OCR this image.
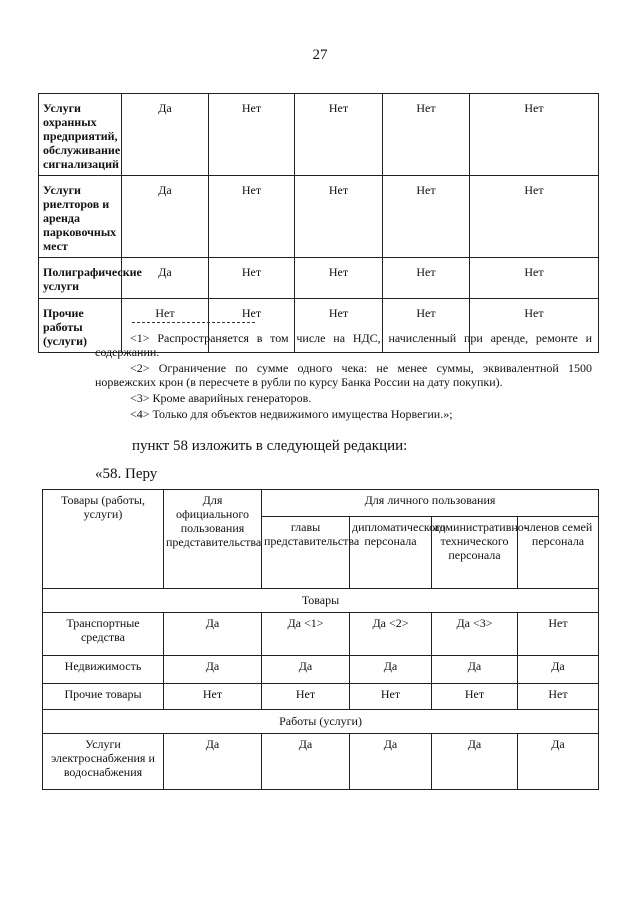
27
Услуги охранных предприятий, обслуживание сигнализаций	Да	Нет	Нет	Нет	Нет
Услуги риелторов и аренда парковочных мест	Да	Нет	Нет	Нет	Нет
Полиграфические услуги	Да	Нет	Нет	Нет	Нет
Прочие работы (услуги)	Нет	Нет	Нет	Нет	Нет
<1> Распространяется в том числе на НДС, начисленный при аренде, ремонте и содержании.
<2> Ограничение по сумме одного чека: не менее суммы, эквивалентной 1500 норвежских крон (в пересчете в рубли по курсу Банка России на дату покупки).
<3> Кроме аварийных генераторов.
<4> Только для объектов недвижимого имущества Норвегии.»;
пункт 58 изложить в следующей редакции:
«58. Перу
Товары (работы, услуги)	Для официального пользования представительства	Для личного пользования			
		главы представительства	дипломатического персонала	административно-технического персонала	членов семей персонала
Товары					
Транспортные средства	Да	Да <1>	Да <2>	Да <3>	Нет
Недвижимость	Да	Да	Да	Да	Да
Прочие товары	Нет	Нет	Нет	Нет	Нет
Работы (услуги)					
Услуги электроснабжения и водоснабжения	Да	Да	Да	Да	Да
